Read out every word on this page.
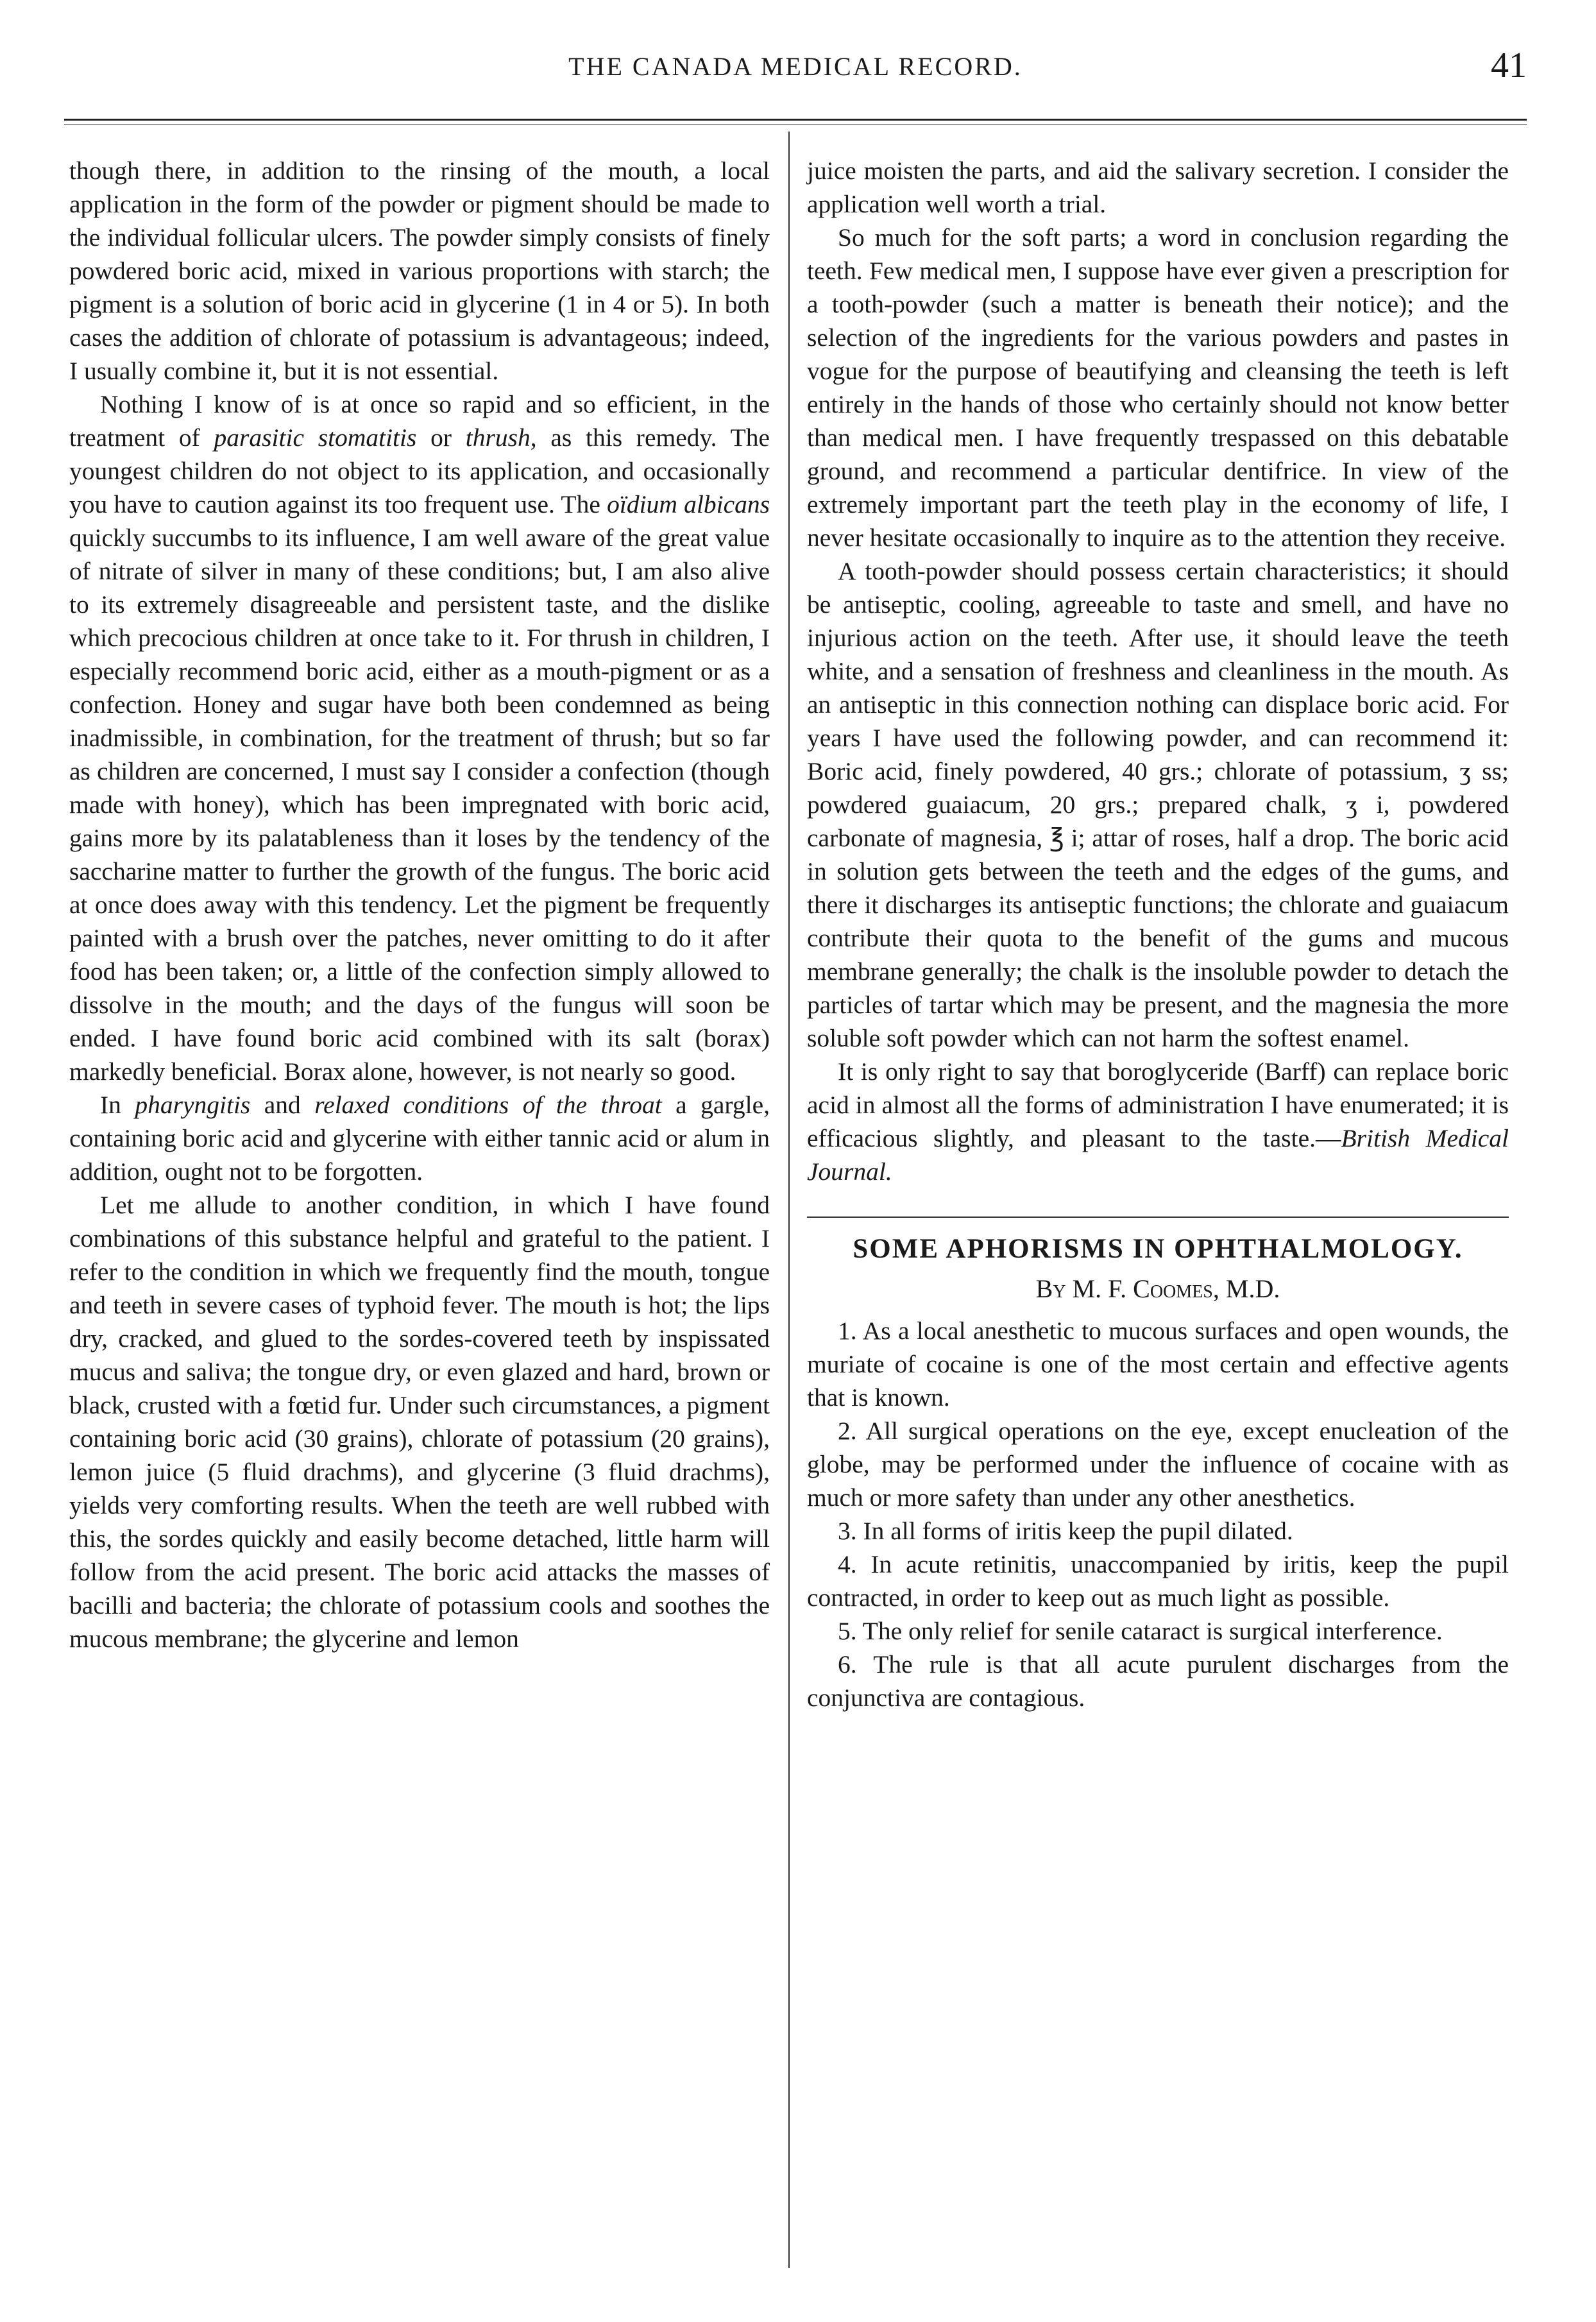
THE CANADA MEDICAL RECORD.	41

though there, in addition to the rinsing of the mouth, a local application in the form of the powder or pigment should be made to the individual follicular ulcers. The powder simply consists of finely powdered boric acid, mixed in various proportions with starch; the pigment is a solution of boric acid in glycerine (1 in 4 or 5). In both cases the addition of chlorate of potassium is advantageous; indeed, I usually combine it, but it is not essential.

Nothing I know of is at once so rapid and so efficient, in the treatment of parasitic stomatitis or thrush, as this remedy. The youngest children do not object to its application, and occasionally you have to caution against its too frequent use. The oïdium albicans quickly succumbs to its influence, I am well aware of the great value of nitrate of silver in many of these conditions; but, I am also alive to its extremely disagreeable and persistent taste, and the dislike which precocious children at once take to it. For thrush in children, I especially recommend boric acid, either as a mouth-pigment or as a confection. Honey and sugar have both been condemned as being inadmissible, in combination, for the treatment of thrush; but so far as children are concerned, I must say I consider a confection (though made with honey), which has been impregnated with boric acid, gains more by its palatableness than it loses by the tendency of the saccharine matter to further the growth of the fungus. The boric acid at once does away with this tendency. Let the pigment be frequently painted with a brush over the patches, never omitting to do it after food has been taken; or, a little of the confection simply allowed to dissolve in the mouth; and the days of the fungus will soon be ended. I have found boric acid combined with its salt (borax) markedly beneficial. Borax alone, however, is not nearly so good.

In pharyngitis and relaxed conditions of the throat a gargle, containing boric acid and glycerine with either tannic acid or alum in addition, ought not to be forgotten.

Let me allude to another condition, in which I have found combinations of this substance helpful and grateful to the patient. I refer to the condition in which we frequently find the mouth, tongue and teeth in severe cases of typhoid fever. The mouth is hot; the lips dry, cracked, and glued to the sordes-covered teeth by inspissated mucus and saliva; the tongue dry, or even glazed and hard, brown or black, crusted with a fœtid fur. Under such circumstances, a pigment containing boric acid (30 grains), chlorate of potassium (20 grains), lemon juice (5 fluid drachms), and glycerine (3 fluid drachms), yields very comforting results. When the teeth are well rubbed with this, the sordes quickly and easily become detached, little harm will follow from the acid present. The boric acid attacks the masses of bacilli and bacteria; the chlorate of potassium cools and soothes the mucous membrane; the glycerine and lemon

juice moisten the parts, and aid the salivary secretion. I consider the application well worth a trial.

So much for the soft parts; a word in conclusion regarding the teeth. Few medical men, I suppose have ever given a prescription for a tooth-powder (such a matter is beneath their notice); and the selection of the ingredients for the various powders and pastes in vogue for the purpose of beautifying and cleansing the teeth is left entirely in the hands of those who certainly should not know better than medical men. I have frequently trespassed on this debatable ground, and recommend a particular dentifrice. In view of the extremely important part the teeth play in the economy of life, I never hesitate occasionally to inquire as to the attention they receive.

A tooth-powder should possess certain characteristics; it should be antiseptic, cooling, agreeable to taste and smell, and have no injurious action on the teeth. After use, it should leave the teeth white, and a sensation of freshness and cleanliness in the mouth. As an antiseptic in this connection nothing can displace boric acid. For years I have used the following powder, and can recommend it: Boric acid, finely powdered, 40 grs.; chlorate of potassium, ʒ ss; powdered guaiacum, 20 grs.; prepared chalk, ʒ i, powdered carbonate of magnesia, ℥ i; attar of roses, half a drop. The boric acid in solution gets between the teeth and the edges of the gums, and there it discharges its antiseptic functions; the chlorate and guaiacum contribute their quota to the benefit of the gums and mucous membrane generally; the chalk is the insoluble powder to detach the particles of tartar which may be present, and the magnesia the more soluble soft powder which can not harm the softest enamel.

It is only right to say that boroglyceride (Barff) can replace boric acid in almost all the forms of administration I have enumerated; it is efficacious slightly, and pleasant to the taste.—British Medical Journal.

SOME APHORISMS IN OPHTHALMOLOGY.
By M. F. Coomes, M.D.

1. As a local anesthetic to mucous surfaces and open wounds, the muriate of cocaine is one of the most certain and effective agents that is known.

2. All surgical operations on the eye, except enucleation of the globe, may be performed under the influence of cocaine with as much or more safety than under any other anesthetics.

3. In all forms of iritis keep the pupil dilated.

4. In acute retinitis, unaccompanied by iritis, keep the pupil contracted, in order to keep out as much light as possible.

5. The only relief for senile cataract is surgical interference.

6. The rule is that all acute purulent discharges from the conjunctiva are contagious.
